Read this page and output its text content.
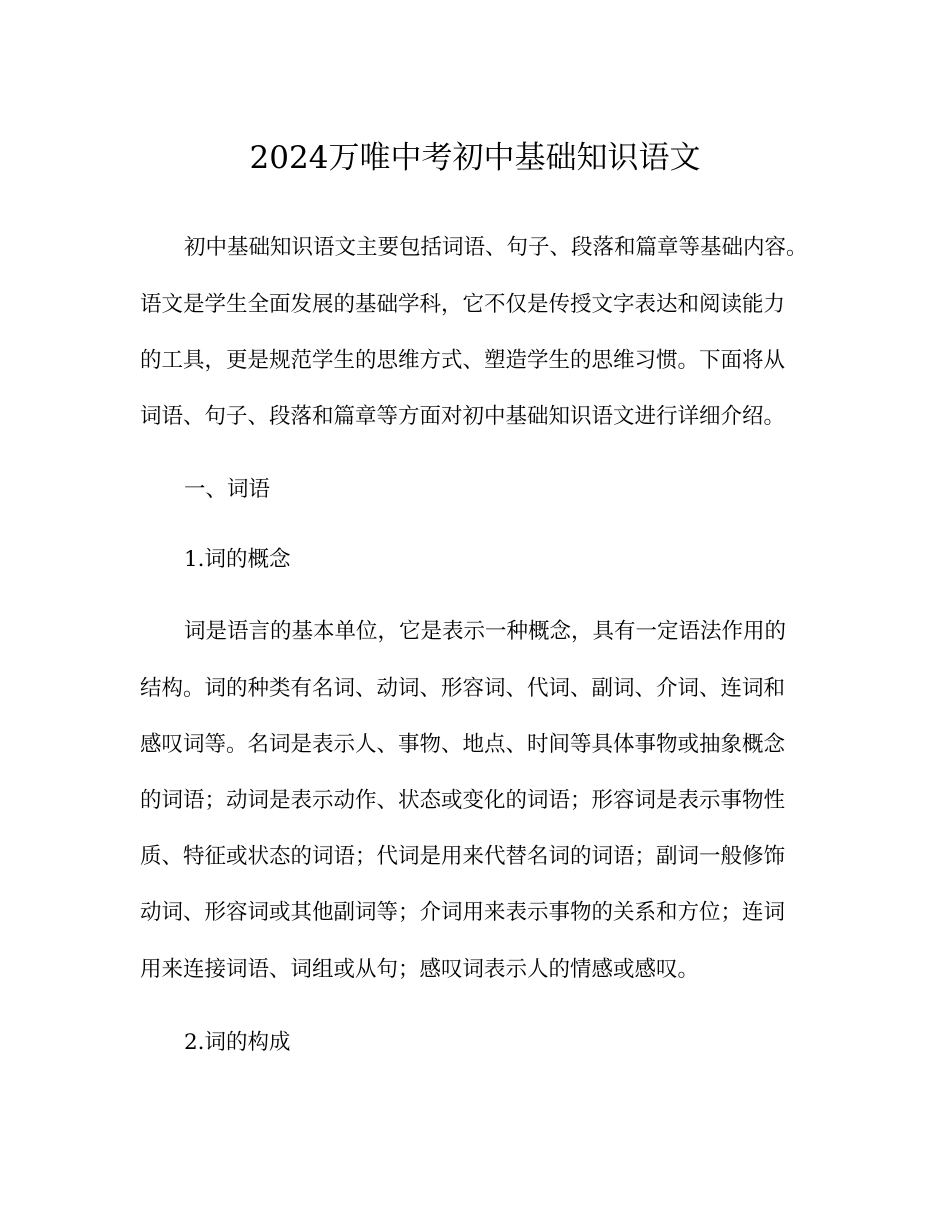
2024万唯中考初中基础知识语文
初中基础知识语文主要包括词语、句子、段落和篇章等基础内容。
语文是学生全面发展的基础学科，它不仅是传授文字表达和阅读能力
的工具，更是规范学生的思维方式、塑造学生的思维习惯。下面将从
词语、句子、段落和篇章等方面对初中基础知识语文进行详细介绍。
一、词语
1.词的概念
词是语言的基本单位，它是表示一种概念，具有一定语法作用的
结构。词的种类有名词、动词、形容词、代词、副词、介词、连词和
感叹词等。名词是表示人、事物、地点、时间等具体事物或抽象概念
的词语；动词是表示动作、状态或变化的词语；形容词是表示事物性
质、特征或状态的词语；代词是用来代替名词的词语；副词一般修饰
动词、形容词或其他副词等；介词用来表示事物的关系和方位；连词
用来连接词语、词组或从句；感叹词表示人的情感或感叹。
2.词的构成
